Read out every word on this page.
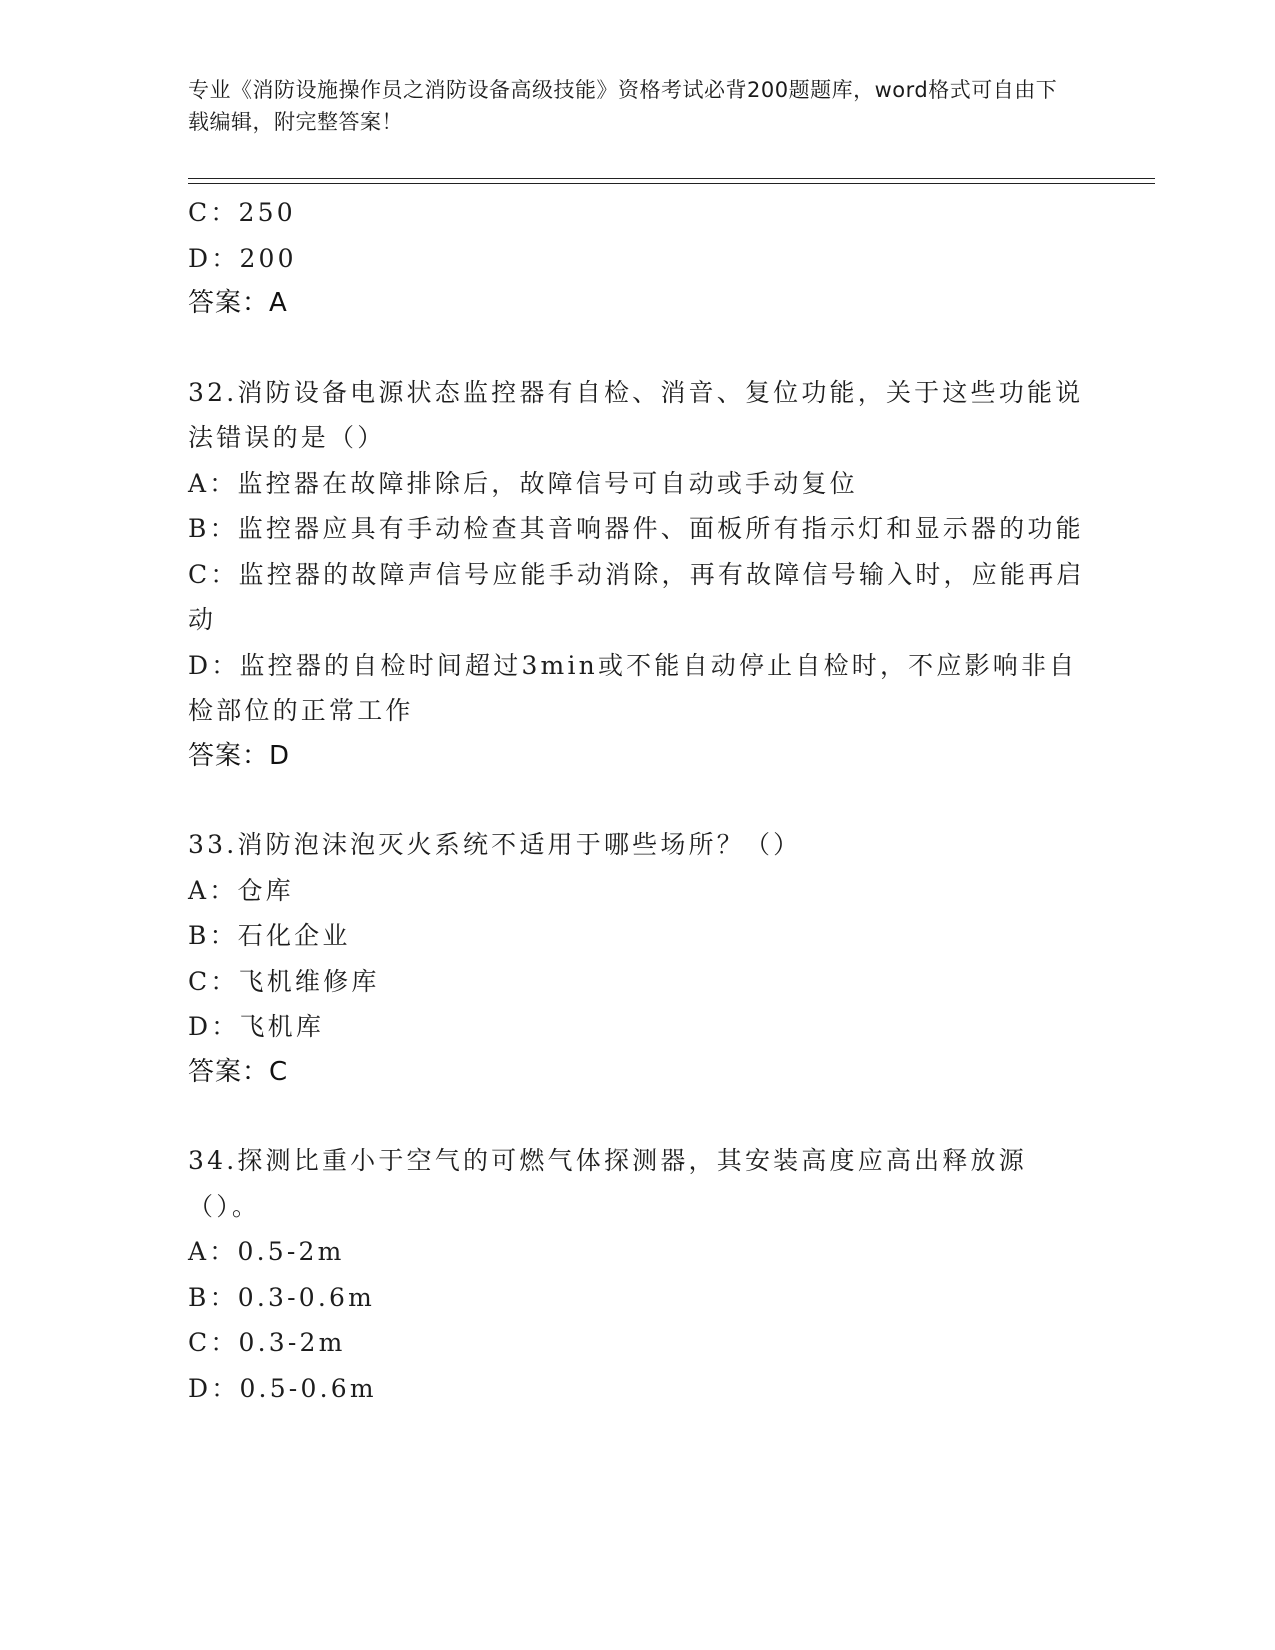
专业《消防设施操作员之消防设备高级技能》资格考试必背200题题库，word格式可自由下载编辑，附完整答案！
C：250
D：200
答案：A
32.消防设备电源状态监控器有自检、消音、复位功能，关于这些功能说法错误的是（）
A：监控器在故障排除后，故障信号可自动或手动复位
B：监控器应具有手动检查其音响器件、面板所有指示灯和显示器的功能
C：监控器的故障声信号应能手动消除，再有故障信号输入时，应能再启动
D：监控器的自检时间超过3min或不能自动停止自检时，不应影响非自检部位的正常工作
答案：D
33.消防泡沫泡灭火系统不适用于哪些场所？（）
A：仓库
B：石化企业
C：飞机维修库
D：飞机库
答案：C
34.探测比重小于空气的可燃气体探测器，其安装高度应高出释放源（）。
A：0.5-2m
B：0.3-0.6m
C：0.3-2m
D：0.5-0.6m
